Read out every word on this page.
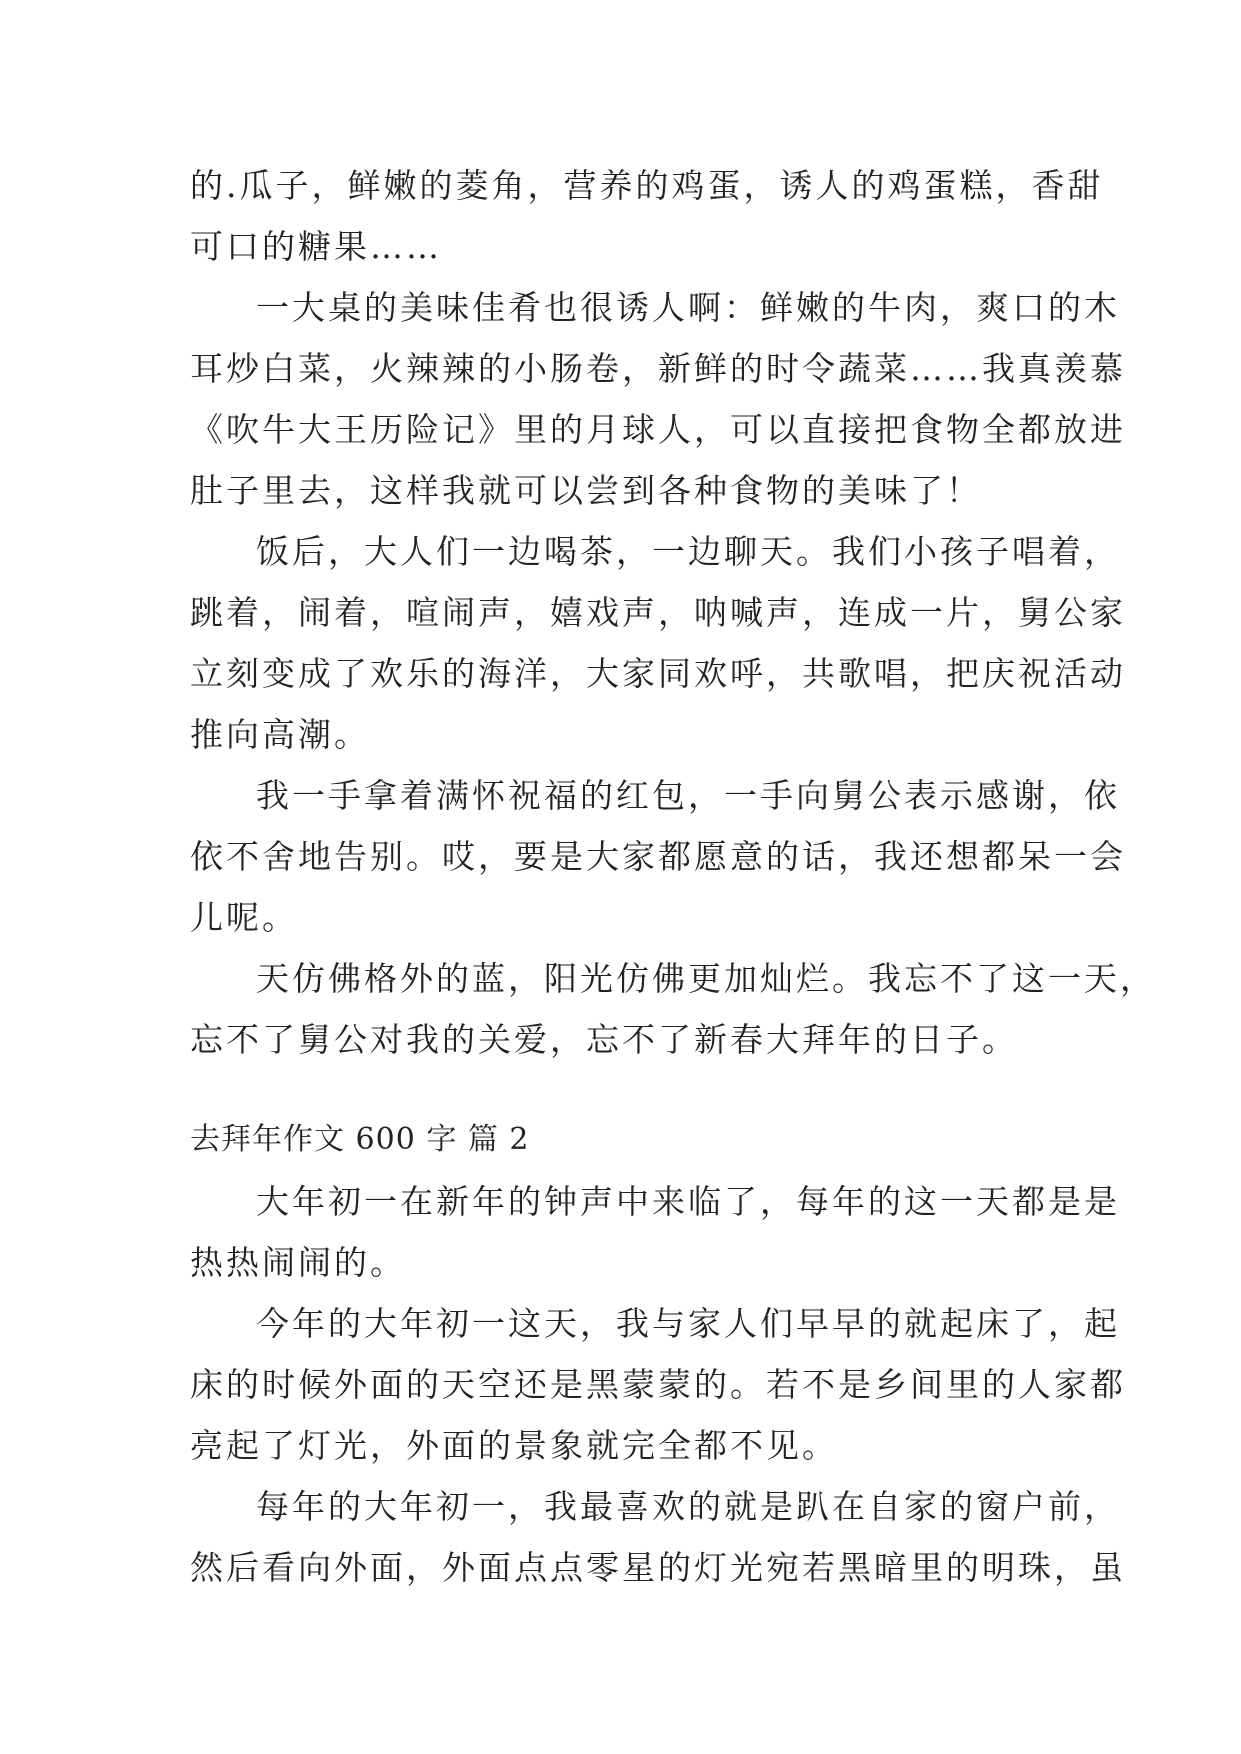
的.瓜子，鲜嫩的菱角，营养的鸡蛋，诱人的鸡蛋糕，香甜
可口的糖果……
一大桌的美味佳肴也很诱人啊：鲜嫩的牛肉，爽口的木
耳炒白菜，火辣辣的小肠卷，新鲜的时令蔬菜……我真羡慕
《吹牛大王历险记》里的月球人，可以直接把食物全都放进
肚子里去，这样我就可以尝到各种食物的美味了！
饭后，大人们一边喝茶，一边聊天。我们小孩子唱着，
跳着，闹着，喧闹声，嬉戏声，呐喊声，连成一片，舅公家
立刻变成了欢乐的海洋，大家同欢呼，共歌唱，把庆祝活动
推向高潮。
我一手拿着满怀祝福的红包，一手向舅公表示感谢，依
依不舍地告别。哎，要是大家都愿意的话，我还想都呆一会
儿呢。
天仿佛格外的蓝，阳光仿佛更加灿烂。我忘不了这一天，
忘不了舅公对我的关爱，忘不了新春大拜年的日子。
去拜年作文 600 字 篇 2
大年初一在新年的钟声中来临了，每年的这一天都是是
热热闹闹的。
今年的大年初一这天，我与家人们早早的就起床了，起
床的时候外面的天空还是黑蒙蒙的。若不是乡间里的人家都
亮起了灯光，外面的景象就完全都不见。
每年的大年初一，我最喜欢的就是趴在自家的窗户前，
然后看向外面，外面点点零星的灯光宛若黑暗里的明珠，虽
